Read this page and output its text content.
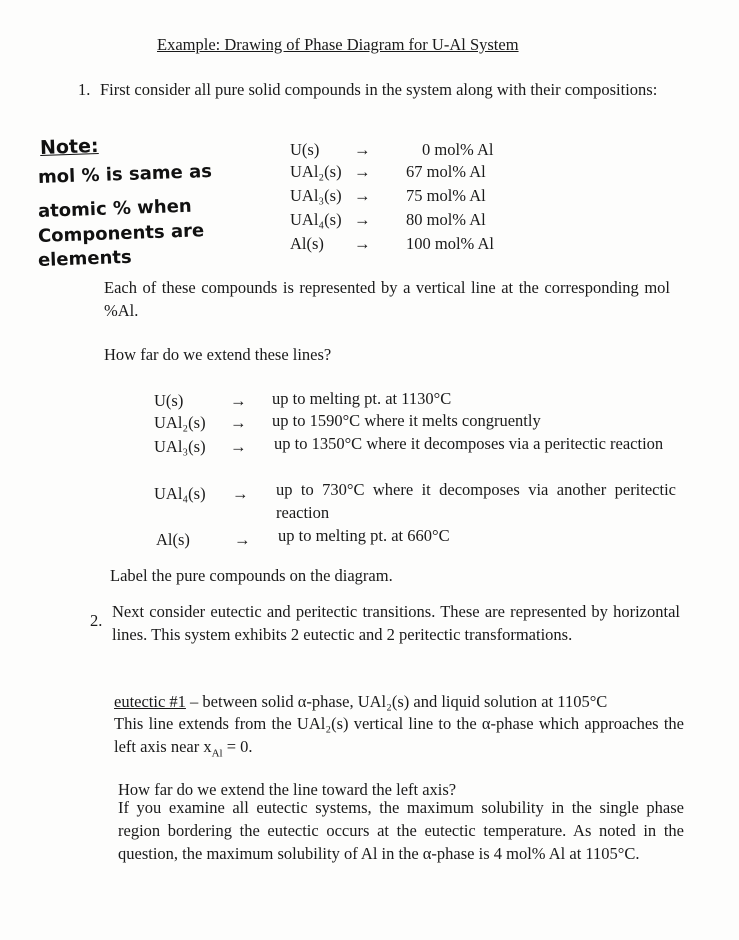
Example: Drawing of Phase Diagram for U-Al System
1. First consider all pure solid compounds in the system along with their compositions:
Note:
mol % is same as
atomic % when
Components are
elements
U(s) →	0 mol% Al
UAl₂(s) → 67 mol% Al
UAl₃(s) → 75 mol% Al
UAl₄(s) → 80 mol% Al
Al(s) → 100 mol% Al
Each of these compounds is represented by a vertical line at the corresponding mol %Al.
How far do we extend these lines?
U(s)	→ up to melting pt. at 1130°C
UAl₂(s) → up to 1590°C where it melts congruently
UAl₃(s) → up to 1350°C where it decomposes via a peritectic reaction
UAl₄(s) → up to 730°C where it decomposes via another peritectic reaction
Al(s)	→ up to melting pt. at 660°C
Label the pure compounds on the diagram.
2. Next consider eutectic and peritectic transitions. These are represented by horizontal lines. This system exhibits 2 eutectic and 2 peritectic transformations.
eutectic #1 – between solid α-phase, UAl₂(s) and liquid solution at 1105°C
This line extends from the UAl₂(s) vertical line to the α-phase which approaches the left axis near $x_{Al} = 0$.
How far do we extend the line toward the left axis?
If you examine all eutectic systems, the maximum solubility in the single phase region bordering the eutectic occurs at the eutectic temperature. As noted in the question, the maximum solubility of Al in the α-phase is 4 mol% Al at 1105°C.
